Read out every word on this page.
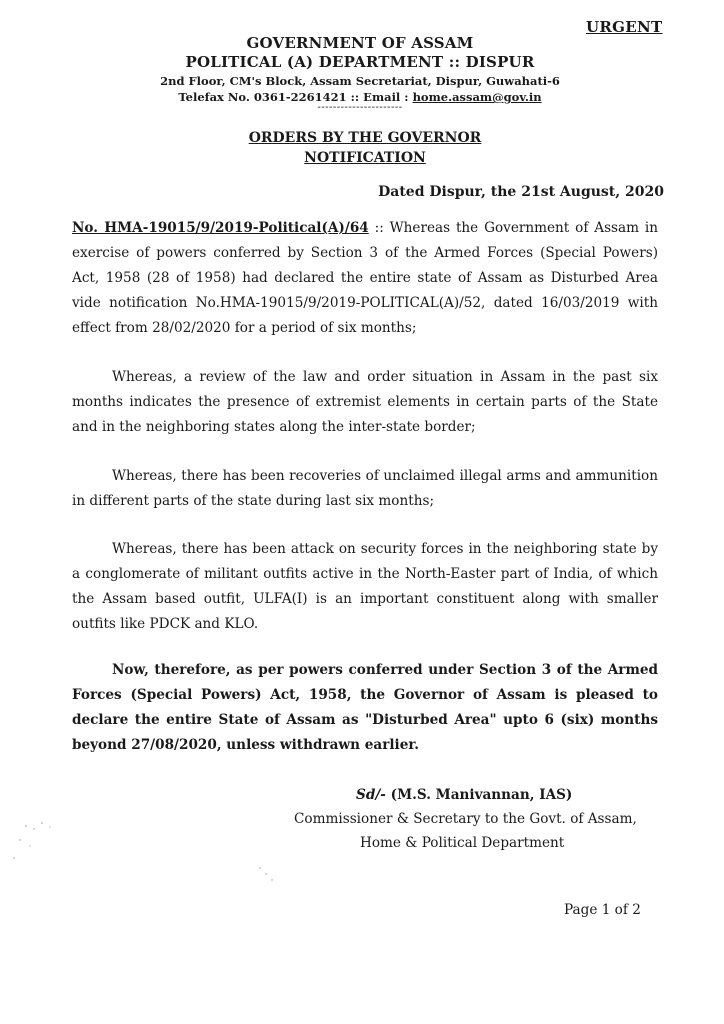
URGENT
GOVERNMENT OF ASSAM
POLITICAL (A) DEPARTMENT :: DISPUR
2nd Floor, CM's Block, Assam Secretariat, Dispur, Guwahati-6
Telefax No. 0361-2261421 :: Email : home.assam@gov.in
----------------------
ORDERS BY THE GOVERNOR
NOTIFICATION
Dated Dispur, the 21st August, 2020
No. HMA-19015/9/2019-Political(A)/64 :: Whereas the Government of Assam in exercise of powers conferred by Section 3 of the Armed Forces (Special Powers) Act, 1958 (28 of 1958) had declared the entire state of Assam as Disturbed Area vide notification No.HMA-19015/9/2019-POLITICAL(A)/52, dated 16/03/2019 with effect from 28/02/2020 for a period of six months;
Whereas, a review of the law and order situation in Assam in the past six months indicates the presence of extremist elements in certain parts of the State and in the neighboring states along the inter-state border;
Whereas, there has been recoveries of unclaimed illegal arms and ammunition in different parts of the state during last six months;
Whereas, there has been attack on security forces in the neighboring state by a conglomerate of militant outfits active in the North-Easter part of India, of which the Assam based outfit, ULFA(I) is an important constituent along with smaller outfits like PDCK and KLO.
Now, therefore, as per powers conferred under Section 3 of the Armed Forces (Special Powers) Act, 1958, the Governor of Assam is pleased to declare the entire State of Assam as "Disturbed Area" upto 6 (six) months beyond 27/08/2020, unless withdrawn earlier.
Sd/- (M.S. Manivannan, IAS)
Commissioner & Secretary to the Govt. of Assam,
Home & Political Department
Page 1 of 2
